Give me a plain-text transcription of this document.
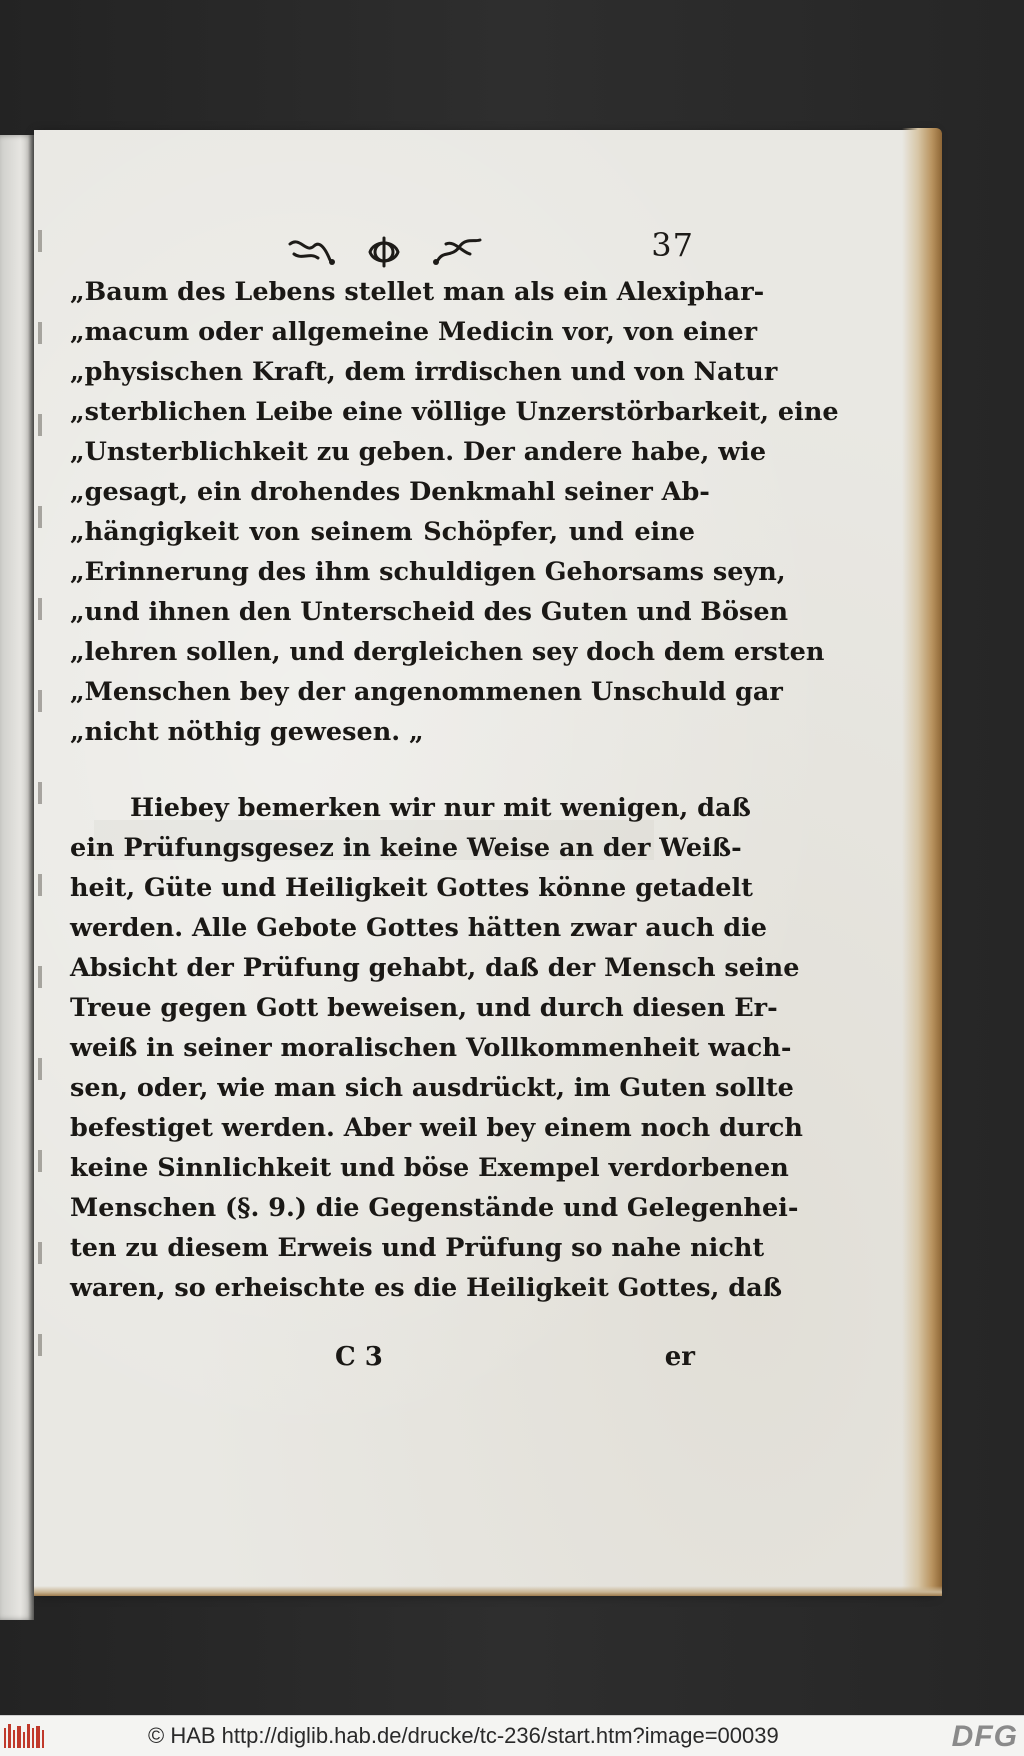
37
„Baum des Lebens stellet man als ein Alexiphar-
„macum oder allgemeine Medicin vor, von einer
„physischen Kraft, dem irrdischen und von Natur
„sterblichen Leibe eine völlige Unzerstörbarkeit, eine
„Unsterblichkeit zu geben. Der andere habe, wie
„gesagt, ein drohendes Denkmahl seiner Ab-
„hängigkeit von seinem Schöpfer, und eine
„Erinnerung des ihm schuldigen Gehorsams seyn,
„und ihnen den Unterscheid des Guten und Bösen
„lehren sollen, und dergleichen sey doch dem ersten
„Menschen bey der angenommenen Unschuld gar
„nicht nöthig gewesen. „
Hiebey bemerken wir nur mit wenigen, daß
ein Prüfungsgesez in keine Weise an der Weiß-
heit, Güte und Heiligkeit Gottes könne getadelt
werden. Alle Gebote Gottes hätten zwar auch die
Absicht der Prüfung gehabt, daß der Mensch seine
Treue gegen Gott beweisen, und durch diesen Er-
weiß in seiner moralischen Vollkommenheit wach-
sen, oder, wie man sich ausdrückt, im Guten sollte
befestiget werden. Aber weil bey einem noch durch
keine Sinnlichkeit und böse Exempel verdorbenen
Menschen (§. 9.) die Gegenstände und Gelegenhei-
ten zu diesem Erweis und Prüfung so nahe nicht
waren, so erheischte es die Heiligkeit Gottes, daß
C 3	er
© HAB http://diglib.hab.de/drucke/tc-236/start.htm?image=00039	DFG
